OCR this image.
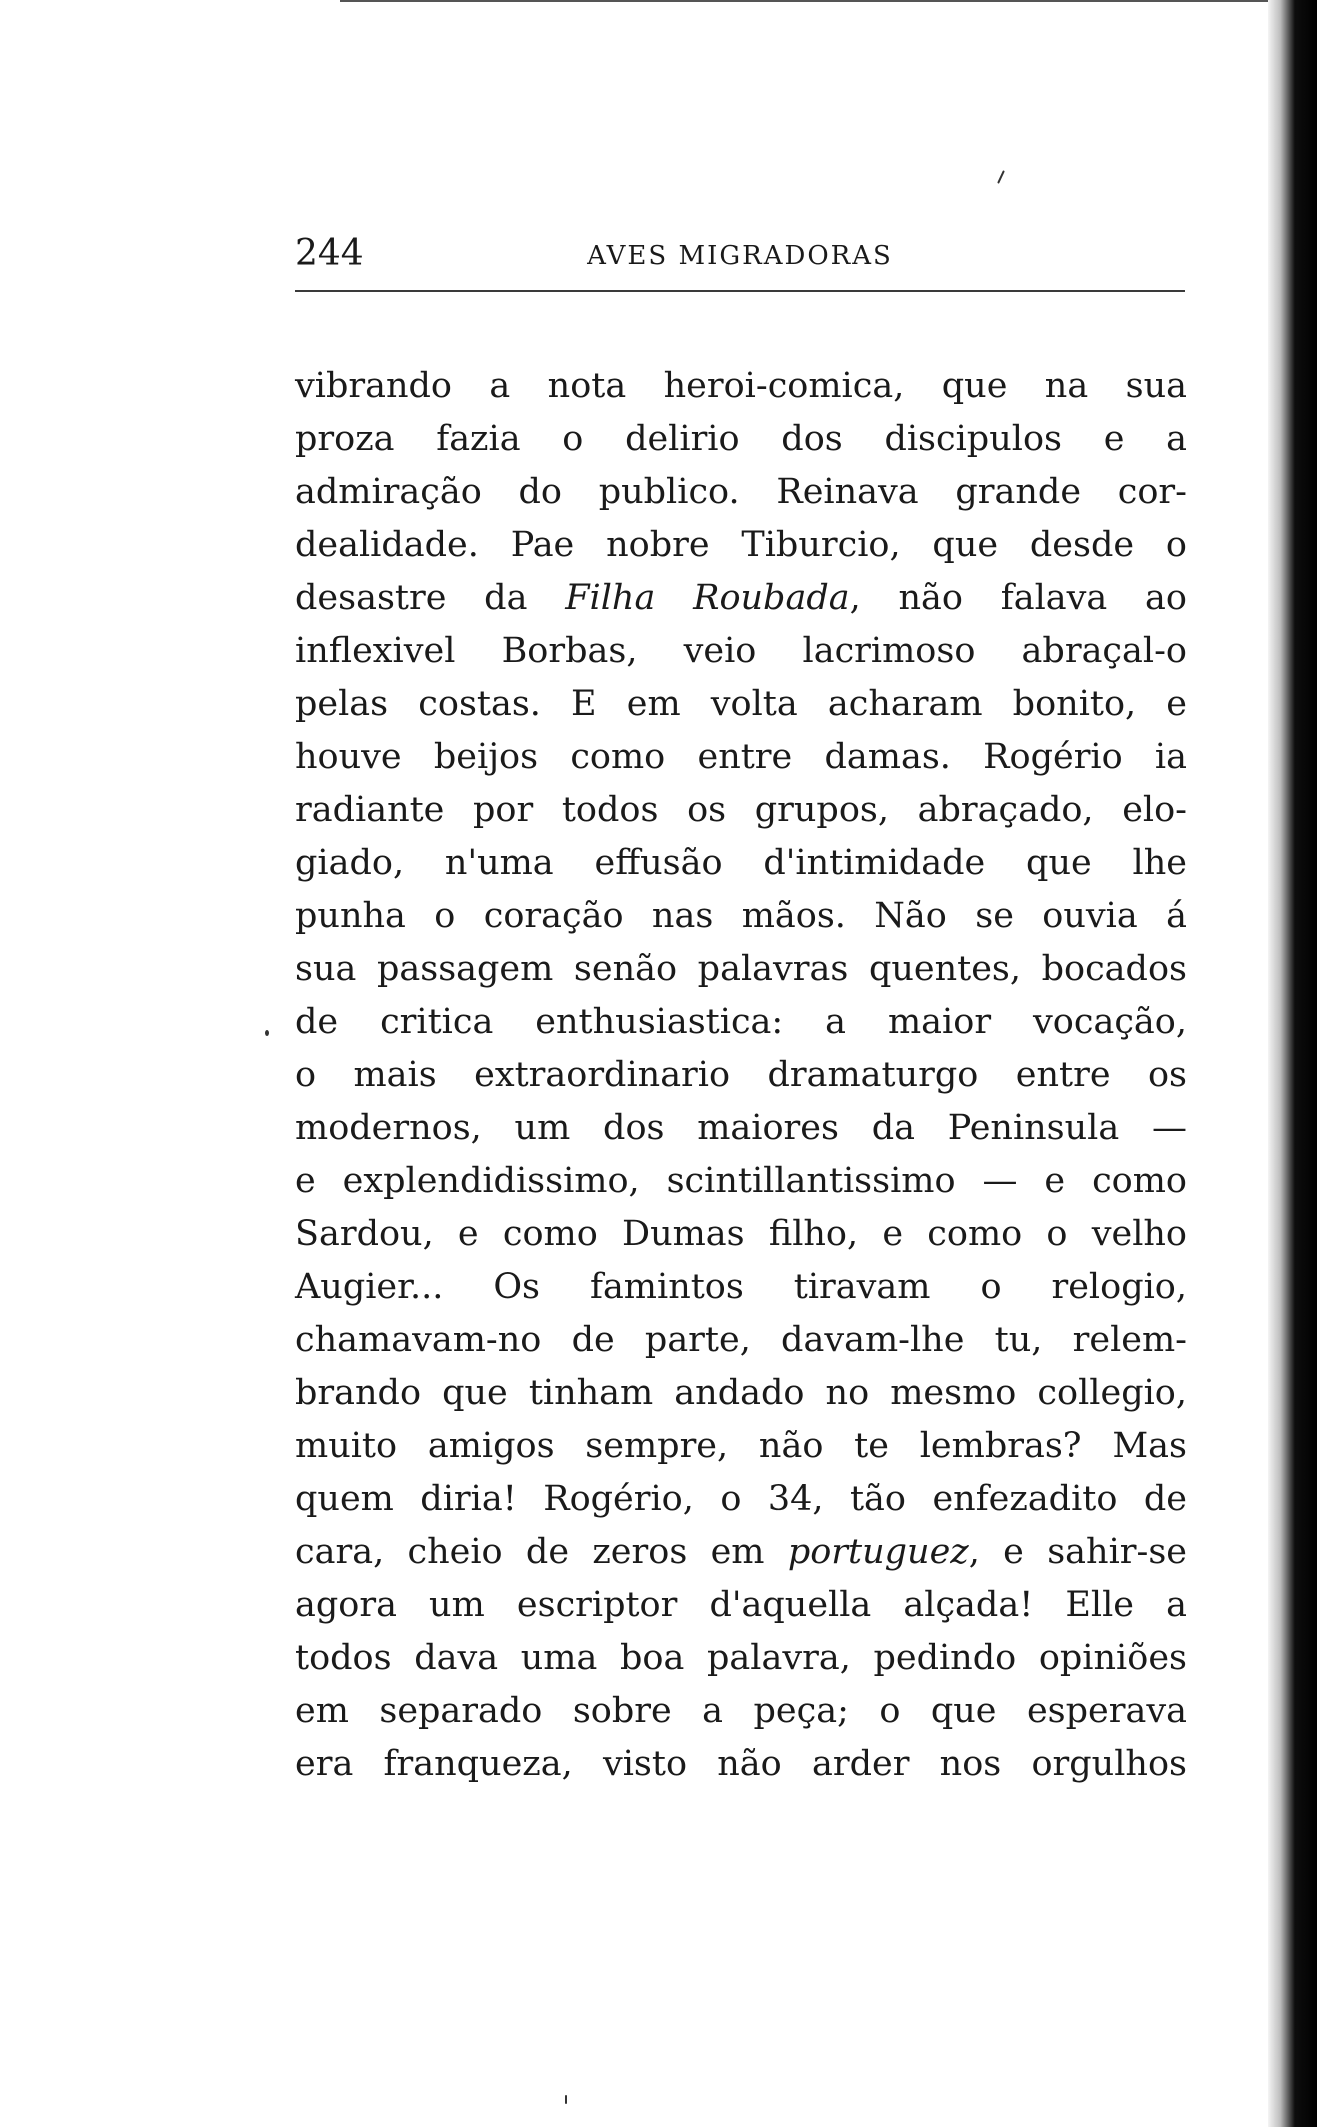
244	AVES MIGRADORAS
vibrando a nota heroi-comica, que na sua
proza fazia o delirio dos discipulos e a
admiração do publico. Reinava grande cor-
dealidade. Pae nobre Tiburcio, que desde o
desastre da Filha Roubada, não falava ao
inflexivel Borbas, veio lacrimoso abraçal-o
pelas costas. E em volta acharam bonito, e
houve beijos como entre damas. Rogério ia
radiante por todos os grupos, abraçado, elo-
giado, n'uma effusão d'intimidade que lhe
punha o coração nas mãos. Não se ouvia á
sua passagem senão palavras quentes, bocados
de critica enthusiastica: a maior vocação,
o mais extraordinario dramaturgo entre os
modernos, um dos maiores da Peninsula —
e explendidissimo, scintillantissimo — e como
Sardou, e como Dumas filho, e como o velho
Augier... Os famintos tiravam o relogio,
chamavam-no de parte, davam-lhe tu, relem-
brando que tinham andado no mesmo collegio,
muito amigos sempre, não te lembras? Mas
quem diria! Rogério, o 34, tão enfezadito de
cara, cheio de zeros em portuguez, e sahir-se
agora um escriptor d'aquella alçada! Elle a
todos dava uma boa palavra, pedindo opiniões
em separado sobre a peça; o que esperava
era franqueza, visto não arder nos orgulhos
